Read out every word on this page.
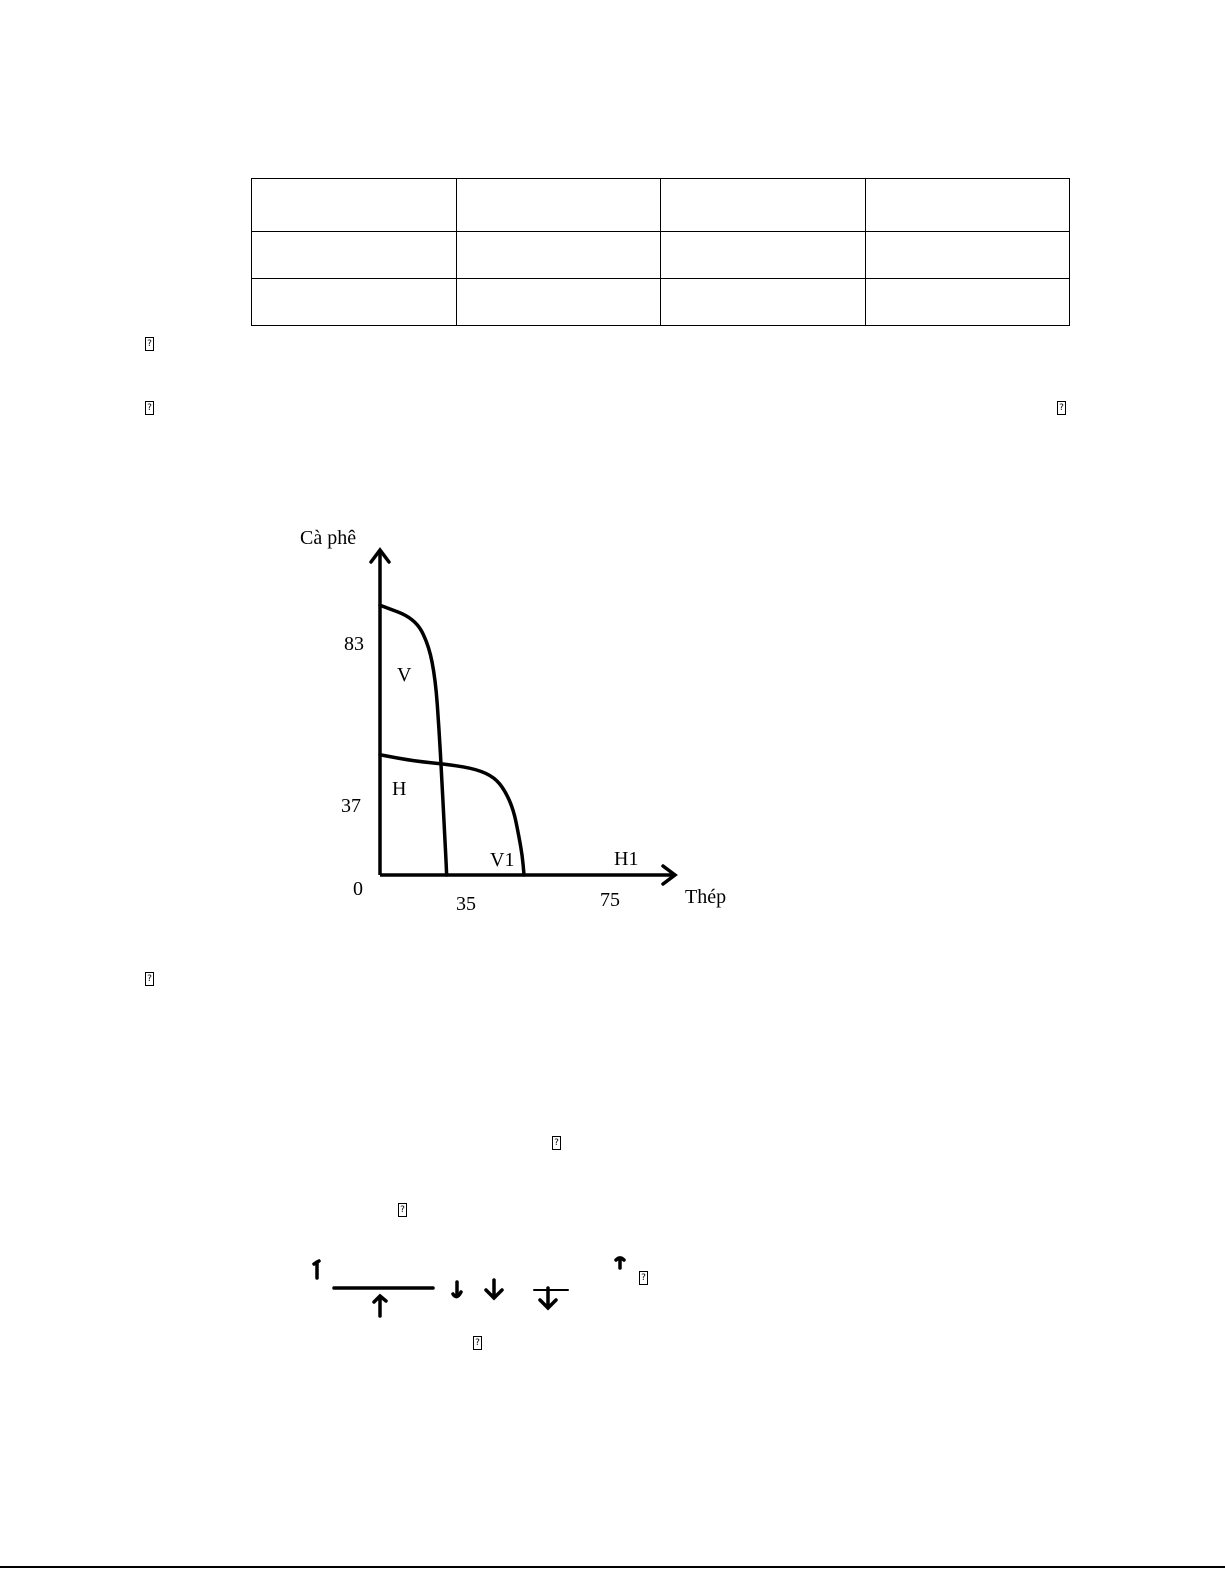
?
?	?
?
?
?
?
?
Cà phê
Thép
0
37
83
35	75
V
V1
H
H1
